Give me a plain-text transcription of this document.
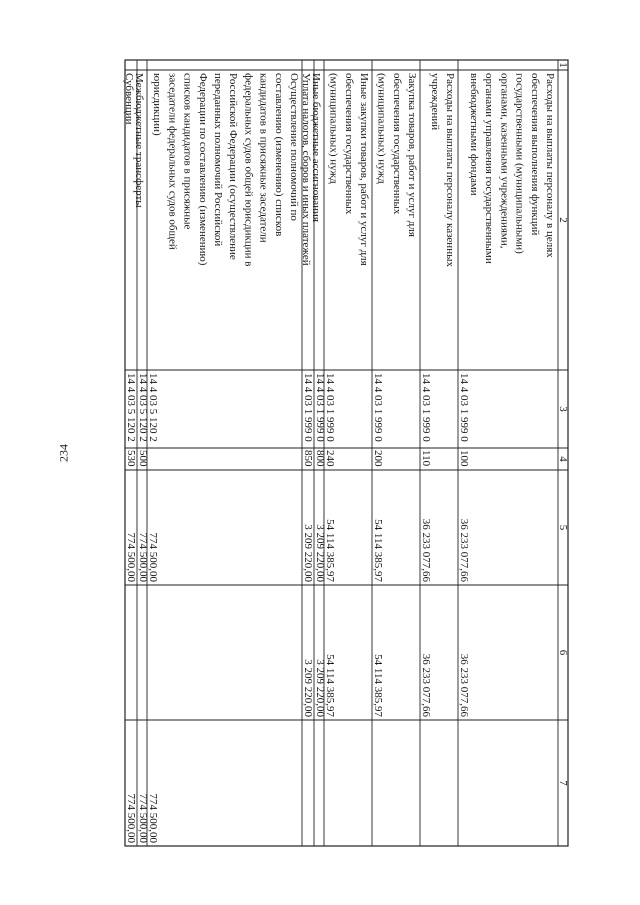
234
1
2
3
4
5
6
7
Расходы на выплаты персоналу в целях
обеспечения выполнения функций
государственными (муниципальными)
органами, казенными учреждениями,
органами управления государственными
внебюджетными фондами
14 4 03 1 999 0
100
36 233 077,66
36 233 077,66
Расходы на выплаты персоналу казенных
учреждений
14 4 03 1 999 0
110
36 233 077,66
36 233 077,66
Закупка товаров, работ и услуг для
обеспечения государственных
(муниципальных) нужд
14 4 03 1 999 0
200
54 114 385,97
54 114 385,97
Иные закупки товаров, работ и услуг для
обеспечения государственных
(муниципальных) нужд
14 4 03 1 999 0
240
54 114 385,97
54 114 385,97
Иные бюджетные ассигнования
14 4 03 1 999 0
800
3 209 220,00
3 209 220,00
Уплата налогов, сборов и иных платежей
14 4 03 1 999 0
850
3 209 220,00
3 209 220,00
Осуществление полномочий по
составлению (изменению) списков
кандидатов в присяжные заседатели
федеральных судов общей юрисдикции в
Российской Федерации (осуществление
переданных полномочий Российской
Федерации по составлению (изменению)
списков кандидатов в присяжные
заседатели федеральных судов общей
юрисдикции)
14 4 03 5 120 2
774 500,00
774 500,00
Межбюджетные трансферты
14 4 03 5 120 2
500
774 500,00
774 500,00
Субвенции
14 4 03 5 120 2
530
774 500,00
774 500,00
